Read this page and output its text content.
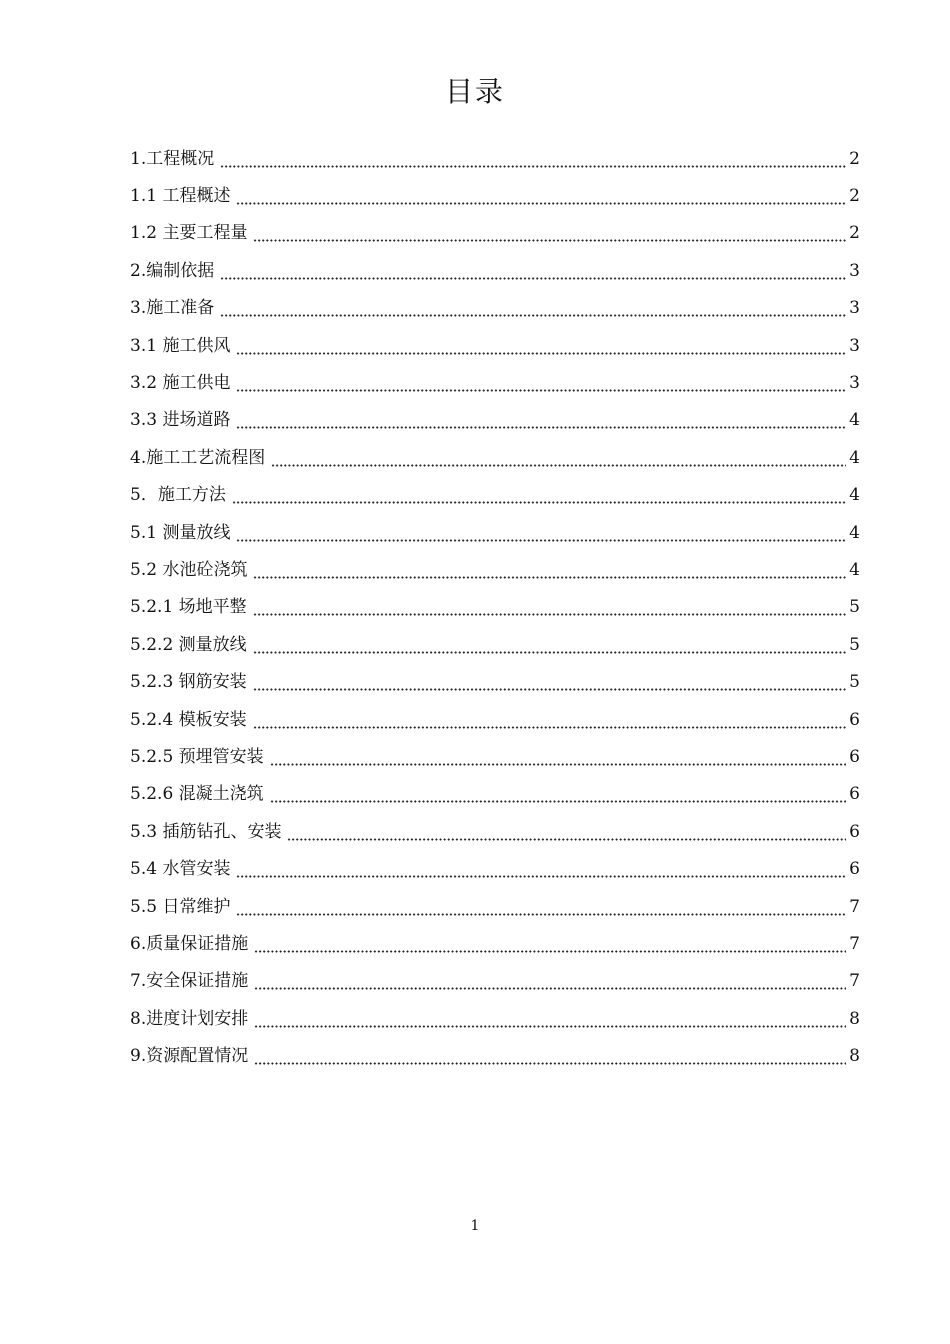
目录
1.工程概况	2
1.1 工程概述	2
1.2 主要工程量	2
2.编制依据	3
3.施工准备	3
3.1 施工供风	3
3.2 施工供电	3
3.3 进场道路	4
4.施工工艺流程图	4
5．施工方法	4
5.1 测量放线	4
5.2 水池砼浇筑	4
5.2.1 场地平整	5
5.2.2 测量放线	5
5.2.3 钢筋安装	5
5.2.4 模板安装	6
5.2.5 预埋管安装	6
5.2.6 混凝土浇筑	6
5.3 插筋钻孔、安装	6
5.4 水管安装	6
5.5 日常维护	7
6.质量保证措施	7
7.安全保证措施	7
8.进度计划安排	8
9.资源配置情况	8
1
